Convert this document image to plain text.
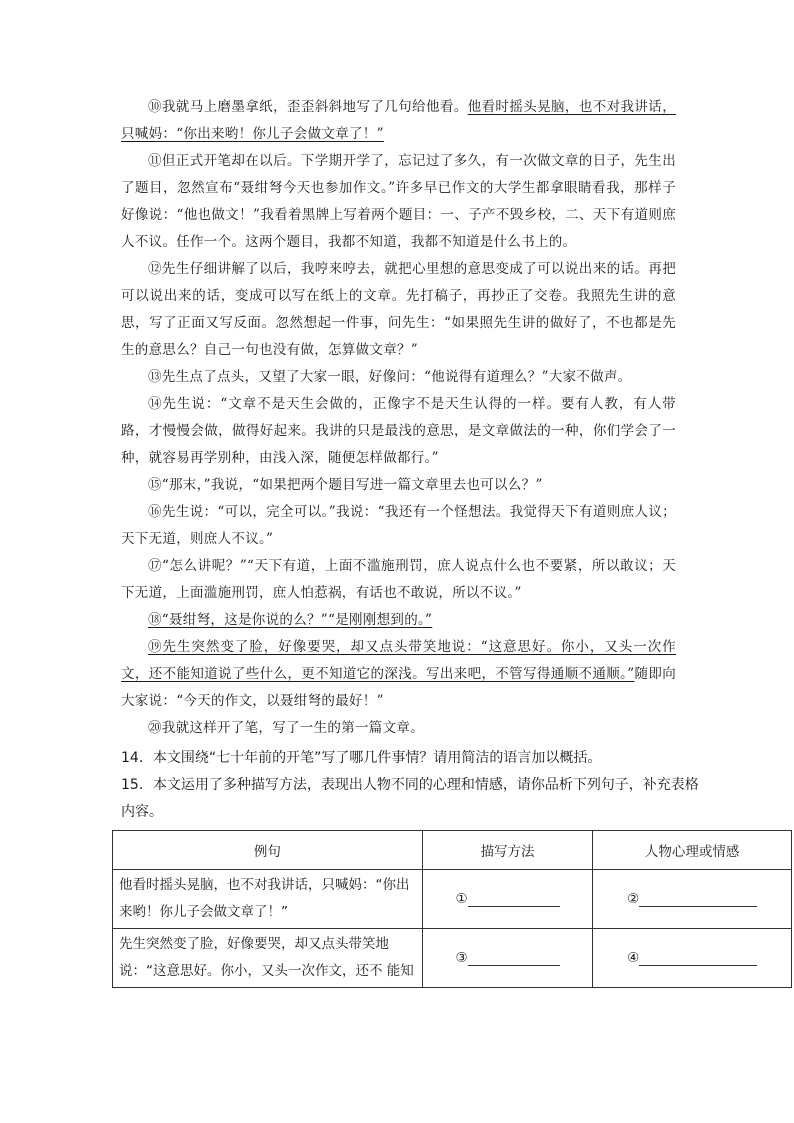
⑩我就马上磨墨拿纸，歪歪斜斜地写了几句给他看。他看时摇头晃脑，也不对我讲话，只喊妈：“你出来哟！你儿子会做文章了！”

⑪但正式开笔却在以后。下学期开学了，忘记过了多久，有一次做文章的日子，先生出了题目，忽然宣布“聂绀弩今天也参加作文。”许多早已作文的大学生都拿眼睛看我，那样子好像说：“他也做文！”我看着黑牌上写着两个题目：一、子产不毁乡校，二、天下有道则庶人不议。任作一个。这两个题目，我都不知道，我都不知道是什么书上的。

⑫先生仔细讲解了以后，我哼来哼去，就把心里想的意思变成了可以说出来的话。再把可以说出来的话，变成可以写在纸上的文章。先打稿子，再抄正了交卷。我照先生讲的意思，写了正面又写反面。忽然想起一件事，问先生：“如果照先生讲的做好了，不也都是先生的意思么？自己一句也没有做，怎算做文章？”

⑬先生点了点头，又望了大家一眼，好像问：“他说得有道理么？”大家不做声。

⑭先生说：“文章不是天生会做的，正像字不是天生认得的一样。要有人教，有人带路，才慢慢会做，做得好起来。我讲的只是最浅的意思，是文章做法的一种，你们学会了一种，就容易再学别种，由浅入深，随便怎样做都行。”

⑮“那末，”我说，“如果把两个题目写进一篇文章里去也可以么？”

⑯先生说：“可以，完全可以。”我说：“我还有一个怪想法。我觉得天下有道则庶人议；天下无道，则庶人不议。”

⑰“怎么讲呢？”“天下有道，上面不滥施刑罚，庶人说点什么也不要紧，所以敢议；天下无道，上面滥施刑罚，庶人怕惹祸，有话也不敢说，所以不议。”

⑱“聂绀弩，这是你说的么？”“是刚刚想到的。”

⑲先生突然变了脸，好像要哭，却又点头带笑地说：“这意思好。你小，又头一次作文，还不能知道说了些什么，更不知道它的深浅。写出来吧，不管写得通顺不通顺。”随即向大家说：“今天的作文，以聂绀弩的最好！”

⑳我就这样开了笔，写了一生的第一篇文章。

14．本文围绕“七十年前的开笔”写了哪几件事情？请用简洁的语言加以概括。

15．本文运用了多种描写方法，表现出人物不同的心理和情感，请你品析下列句子，补充表格内容。

例句	描写方法	人物心理或情感
他看时摇头晃脑，也不对我讲话，只喊妈：“你出来哟！你儿子会做文章了！”	①	②
先生突然变了脸，好像要哭，却又点头带笑地说：“这意思好。你小，又头一次作文，还不 能知	③	④
